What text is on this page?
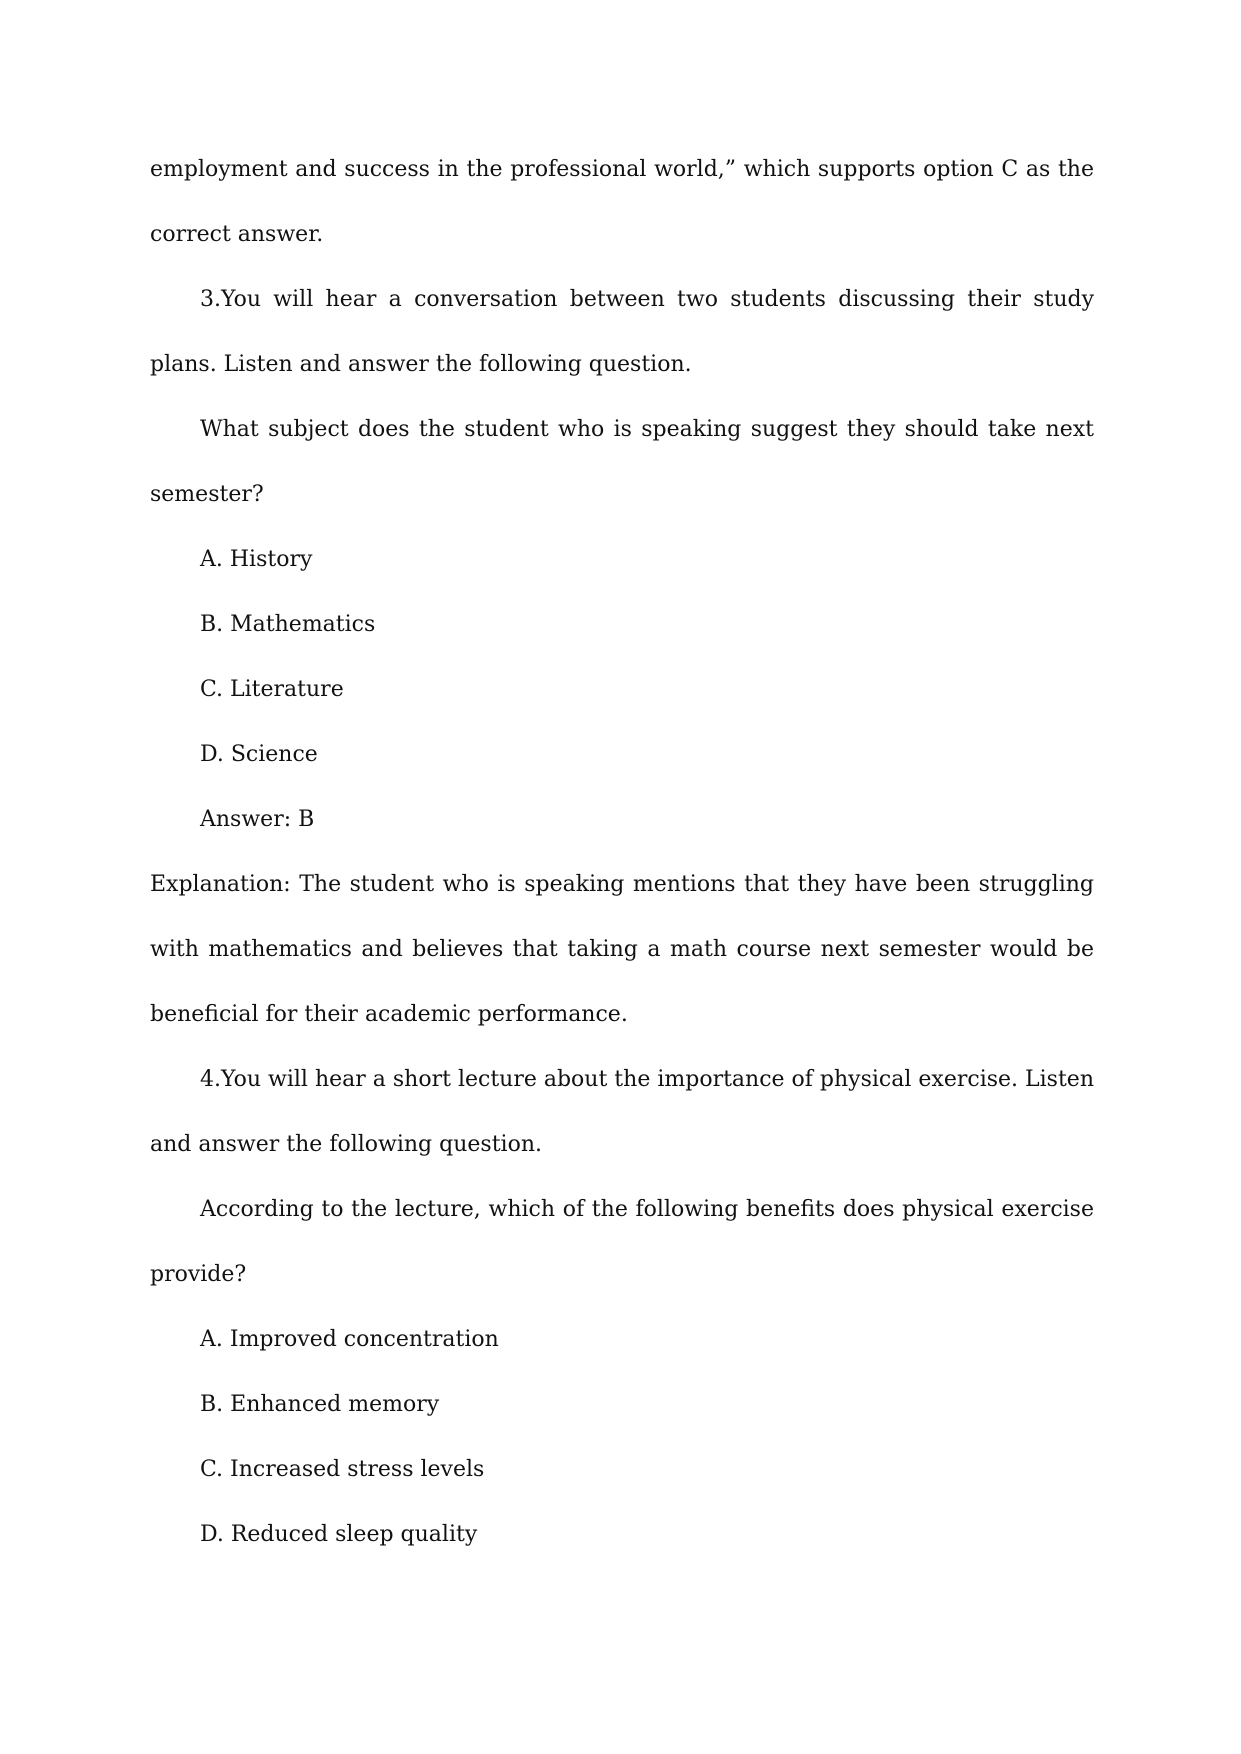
employment and success in the professional world,” which supports option C as the correct answer.

3.You will hear a conversation between two students discussing their study plans. Listen and answer the following question.

What subject does the student who is speaking suggest they should take next semester?

A. History

B. Mathematics

C. Literature

D. Science

Answer: B

Explanation: The student who is speaking mentions that they have been struggling with mathematics and believes that taking a math course next semester would be beneficial for their academic performance.

4.You will hear a short lecture about the importance of physical exercise. Listen and answer the following question.

According to the lecture, which of the following benefits does physical exercise provide?

A. Improved concentration

B. Enhanced memory

C. Increased stress levels

D. Reduced sleep quality
